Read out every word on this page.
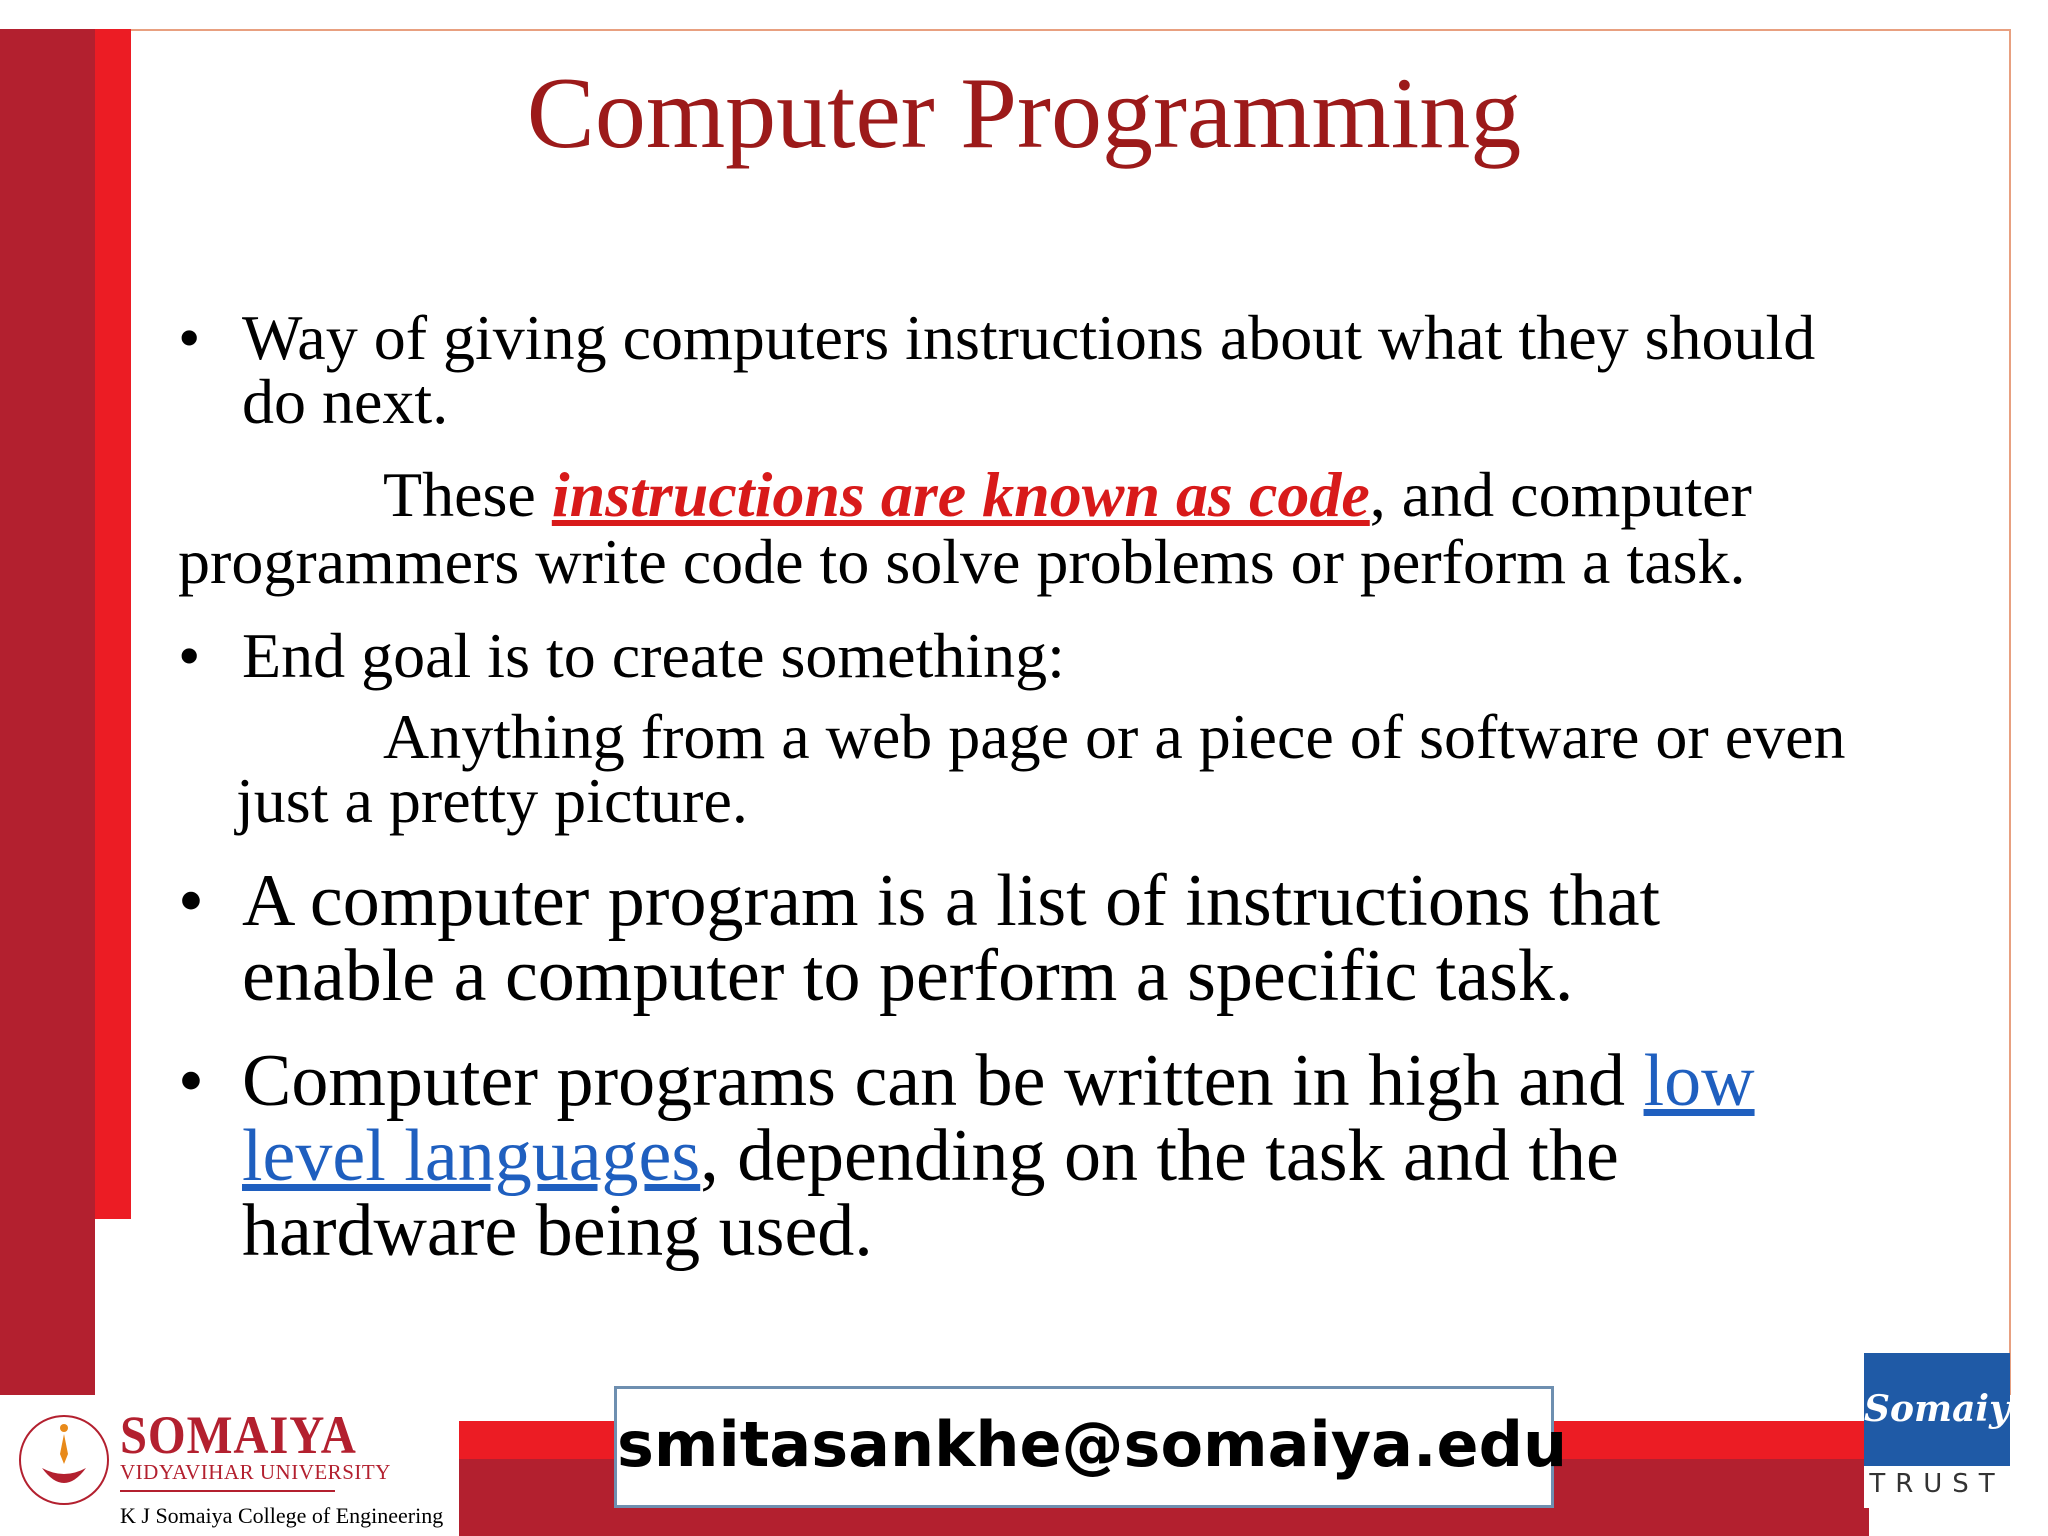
Computer Programming
• Way of giving computers instructions about what they should
do next.
These instructions are known as code, and computer
programmers write code to solve problems or perform a task.
• End goal is to create something:
Anything from a web page or a piece of software or even
just a pretty picture.
• A computer program is a list of instructions that
enable a computer to perform a specific task.
• Computer programs can be written in high and low
level languages, depending on the task and the
hardware being used.
SOMAIYA
VIDYAVIHAR UNIVERSITY
K J Somaiya College of Engineering
smitasankhe@somaiya.edu	Somaiya
TRUST
